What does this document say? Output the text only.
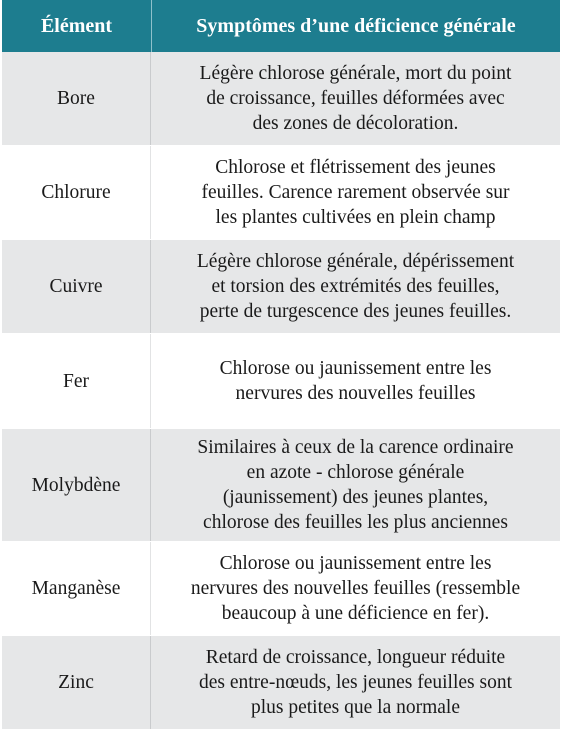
Élément	Symptômes d’une déficience générale
Bore
Légère chlorose générale, mort du point
de croissance, feuilles déformées avec
des zones de décoloration.
Chlorure
Chlorose et flétrissement des jeunes
feuilles. Carence rarement observée sur
les plantes cultivées en plein champ
Cuivre
Légère chlorose générale, dépérissement
et torsion des extrémités des feuilles,
perte de turgescence des jeunes feuilles.
Fer
Chlorose ou jaunissement entre les
nervures des nouvelles feuilles
Molybdène
Similaires à ceux de la carence ordinaire
en azote - chlorose générale
(jaunissement) des jeunes plantes,
chlorose des feuilles les plus anciennes
Manganèse
Chlorose ou jaunissement entre les
nervures des nouvelles feuilles (ressemble
beaucoup à une déficience en fer).
Zinc
Retard de croissance, longueur réduite
des entre-nœuds, les jeunes feuilles sont
plus petites que la normale
